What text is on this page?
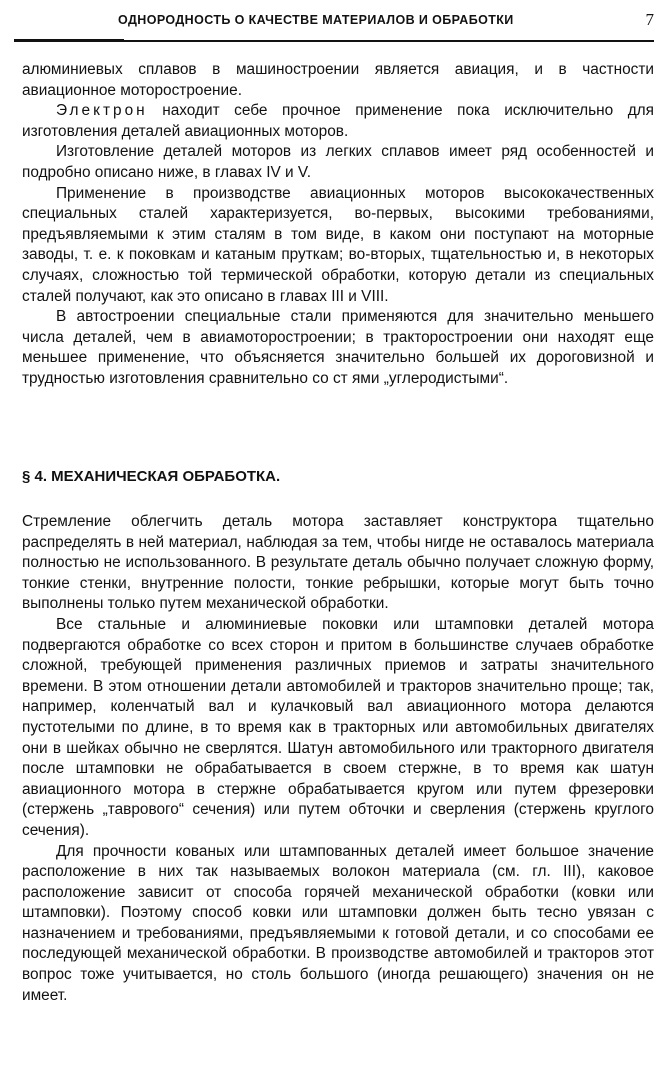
ОДНОРОДНОСТЬ О КАЧЕСТВЕ МАТЕРИАЛОВ И ОБРАБОТКИ	7

алюминиевых сплавов в машиностроении является авиация, и в частности авиационное моторостроение.

Электрон находит себе прочное применение пока исключительно для изготовления деталей авиационных моторов.

Изготовление деталей моторов из легких сплавов имеет ряд особенностей и подробно описано ниже, в главах IV и V.

Применение в производстве авиационных моторов высококачественных специальных сталей характеризуется, во-первых, высокими требованиями, предъявляемыми к этим сталям в том виде, в каком они поступают на моторные заводы, т. е. к поковкам и катаным пруткам; во-вторых, тщательностью и, в некоторых случаях, сложностью той термической обработки, которую детали из специальных сталей получают, как это описано в главах III и VIII.

В автостроении специальные стали применяются для значительно меньшего числа деталей, чем в авиамоторостроении; в тракторостроении они находят еще меньшее применение, что объясняется значительно большей их дороговизной и трудностью изготовления сравнительно со ст ями „углеродистыми“.

§ 4. МЕХАНИЧЕСКАЯ ОБРАБОТКА.

Стремление облегчить деталь мотора заставляет конструктора тщательно распределять в ней материал, наблюдая за тем, чтобы нигде не оставалось материала полностью не использованного. В результате деталь обычно получает сложную форму, тонкие стенки, внутренние полости, тонкие ребрышки, которые могут быть точно выполнены только путем механической обработки.

Все стальные и алюминиевые поковки или штамповки деталей мотора подвергаются обработке со всех сторон и притом в большинстве случаев обработке сложной, требующей применения различных приемов и затраты значительного времени. В этом отношении детали автомобилей и тракторов значительно проще; так, например, коленчатый вал и кулачковый вал авиационного мотора делаются пустотелыми по длине, в то время как в тракторных или автомобильных двигателях они в шейках обычно не сверлятся. Шатун автомобильного или тракторного двигателя после штамповки не обрабатывается в своем стержне, в то время как шатун авиационного мотора в стержне обрабатывается кругом или путем фрезеровки (стержень „таврового“ сечения) или путем обточки и сверления (стержень круглого сечения).

Для прочности кованых или штампованных деталей имеет большое значение расположение в них так называемых волокон материала (см. гл. III), каковое расположение зависит от способа горячей механической обработки (ковки или штамповки). Поэтому способ ковки или штамповки должен быть тесно увязан с назначением и требованиями, предъявляемыми к готовой детали, и со способами ее последующей механической обработки. В производстве автомобилей и тракторов этот вопрос тоже учитывается, но столь большого (иногда решающего) значения он не имеет.
